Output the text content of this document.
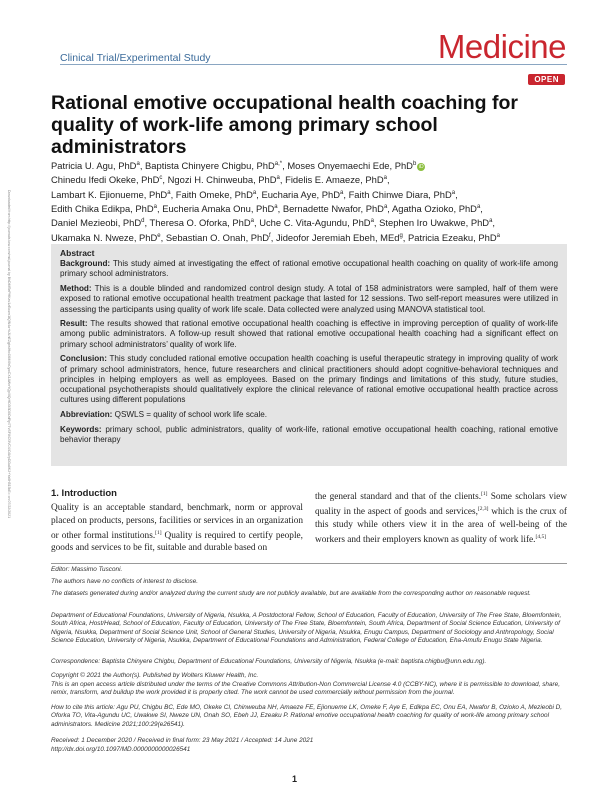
Downloaded from http://journals.lww.com/md-journal by BhDMf5ePHKav1zEoum1tQfN4a+kJLhEZgbsIHo4XMi0hCywCX1AWnYQp/IlQrHD3i3D0OdRyi7TvSFl4Cf3VC4/OAVpDDa8K2+Ya6H515kE= on 07/22/2021
Clinical Trial/Experimental Study	Medicine
OPEN
Rational emotive occupational health coaching for quality of work-life among primary school administrators
Patricia U. Agu, PhD$^a$, Baptista Chinyere Chigbu, PhD$^{a,*}$, Moses Onyemaechi Ede, PhD$^b$ iD
Chinedu Ifedi Okeke, PhD$^c$, Ngozi H. Chinweuba, PhD$^a$, Fidelis E. Amaeze, PhD$^a$,
Lambart K. Ejionueme, PhD$^a$, Faith Omeke, PhD$^a$, Eucharia Aye, PhD$^a$, Faith Chinwe Diara, PhD$^a$,
Edith Chika Edikpa, PhD$^a$, Eucheria Amaka Onu, PhD$^a$, Bernadette Nwafor, PhD$^a$, Agatha Ozioko, PhD$^a$,
Daniel Mezieobi, PhD$^d$, Theresa O. Oforka, PhD$^a$, Uche C. Vita-Agundu, PhD$^a$, Stephen Iro Uwakwe, PhD$^a$,
Ukamaka N. Nweze, PhD$^e$, Sebastian O. Onah, PhD$^f$, Jideofor Jeremiah Ebeh, MEd$^g$, Patricia Ezeaku, PhD$^a$
Abstract

Background: This study aimed at investigating the effect of rational emotive occupational health coaching on quality of work-life among primary school administrators.

Method: This is a double blinded and randomized control design study. A total of 158 administrators were sampled, half of them were exposed to rational emotive occupational health treatment package that lasted for 12 sessions. Two self-report measures were utilized in assessing the participants using quality of work life scale. Data collected were analyzed using MANOVA statistical tool.

Result: The results showed that rational emotive occupational health coaching is effective in improving perception of quality of work-life among public administrators. A follow-up result showed that rational emotive occupational health coaching had a significant effect on primary school administrators’ quality of work life.

Conclusion: This study concluded rational emotive occupation health coaching is useful therapeutic strategy in improving quality of work of primary school administrators, hence, future researchers and clinical practitioners should adopt cognitive-behavioral techniques and principles in helping employers as well as employees. Based on the primary findings and limitations of this study, future studies, occupational psychotherapists should qualitatively explore the clinical relevance of rational emotive occupational health practice across cultures using different populations

Abbreviation: QSWLS = quality of school work life scale.

Keywords: primary school, public administrators, quality of work-life, rational emotive occupational health coaching, rational emotive behavior therapy

1. Introduction
Quality is an acceptable standard, benchmark, norm or approval placed on products, persons, facilities or services in an organization or other formal institutions.[1] Quality is required to certify people, goods and services to be fit, suitable and durable based on
the general standard and that of the clients.[1] Some scholars view quality in the aspect of goods and services,[2,3] which is the crux of this study while others view it in the area of well-being of the workers and their employers known as quality of work life.[4,5]
Editor: Massimo Tusconi.
The authors have no conflicts of interest to disclose.
The datasets generated during and/or analyzed during the current study are not publicly available, but are available from the corresponding author on reasonable request.
Department of Educational Foundations, University of Nigeria, Nsukka, A Postdoctoral Fellow, School of Education, Faculty of Education, University of The Free State, Bloemfontein, South Africa, Host/Head, School of Education, Faculty of Education, University of The Free State, Bloemfontein, South Africa, Department of Social Science Education, University of Nigeria, Nsukka, Department of Social Science Unit, School of General Studies, University of Nigeria, Nsukka, Enugu Campus, Department of Sociology and Anthropology, Social Science Education, University of Nigeria, Nsukka, Department of Educational Foundations and Administration, Federal College of Education, Eha-Amufu Enugu State Nigeria.
Correspondence: Baptista Chinyere Chigbu, Department of Educational Foundations, University of Nigeria, Nsukka (e-mail: baptista.chigbu@unn.edu.ng).
Copyright © 2021 the Author(s). Published by Wolters Kluwer Health, Inc.
This is an open access article distributed under the terms of the Creative Commons Attribution-Non Commercial License 4.0 (CCBY-NC), where it is permissible to download, share, remix, transform, and buildup the work provided it is properly cited. The work cannot be used commercially without permission from the journal.
How to cite this article: Agu PU, Chigbu BC, Ede MO, Okeke CI, Chinweuba NH, Amaeze FE, Ejionueme LK, Omeke F, Aye E, Edikpa EC, Onu EA, Nwafor B, Ozioko A, Mezieobi D, Oforka TO, Vita-Agundu UC, Uwakwe SI, Nweze UN, Onah SO, Ebeh JJ, Ezeaku P. Rational emotive occupational health coaching for quality of work-life among primary school administrators. Medicine 2021;100:29(e26541).
Received: 1 December 2020 / Received in final form: 23 May 2021 / Accepted: 14 June 2021
http://dx.doi.org/10.1097/MD.0000000000026541
1
